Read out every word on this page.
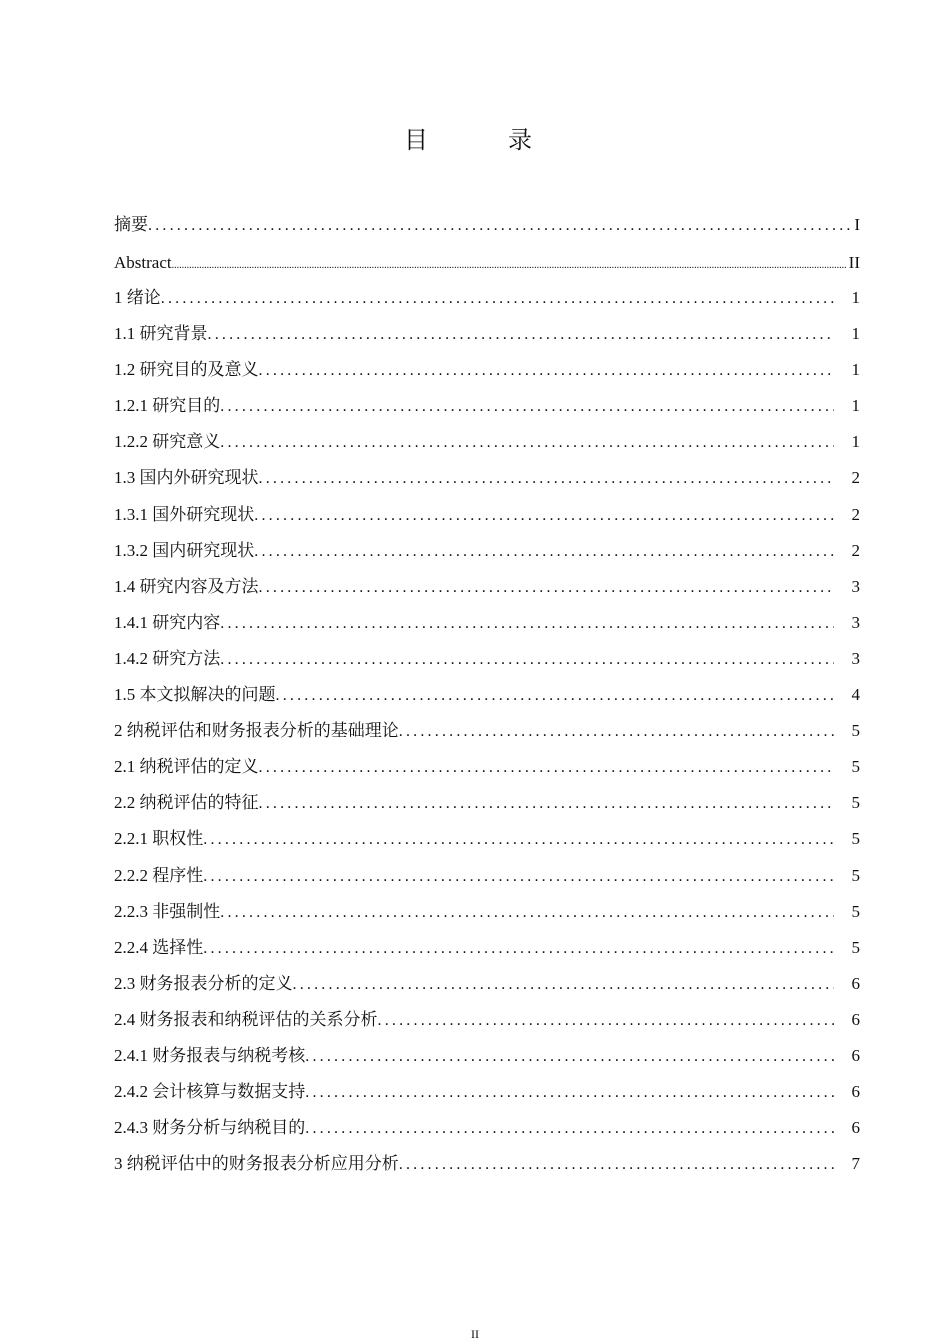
目　录
摘要 .....	I
Abstract .....	II
1 绪论 .....	1
1.1 研究背景 .....	1
1.2 研究目的及意义 .....	1
1.2.1 研究目的 .....	1
1.2.2 研究意义 .....	1
1.3 国内外研究现状 .....	2
1.3.1 国外研究现状 .....	2
1.3.2 国内研究现状 .....	2
1.4 研究内容及方法 .....	3
1.4.1 研究内容 .....	3
1.4.2 研究方法 .....	3
1.5 本文拟解决的问题 .....	4
2 纳税评估和财务报表分析的基础理论 .....	5
2.1 纳税评估的定义 .....	5
2.2 纳税评估的特征 .....	5
2.2.1 职权性 .....	5
2.2.2 程序性 .....	5
2.2.3 非强制性 .....	5
2.2.4 选择性 .....	5
2.3 财务报表分析的定义 .....	6
2.4 财务报表和纳税评估的关系分析 .....	6
2.4.1 财务报表与纳税考核 .....	6
2.4.2 会计核算与数据支持 .....	6
2.4.3 财务分析与纳税目的 .....	6
3 纳税评估中的财务报表分析应用分析 .....	7
II
